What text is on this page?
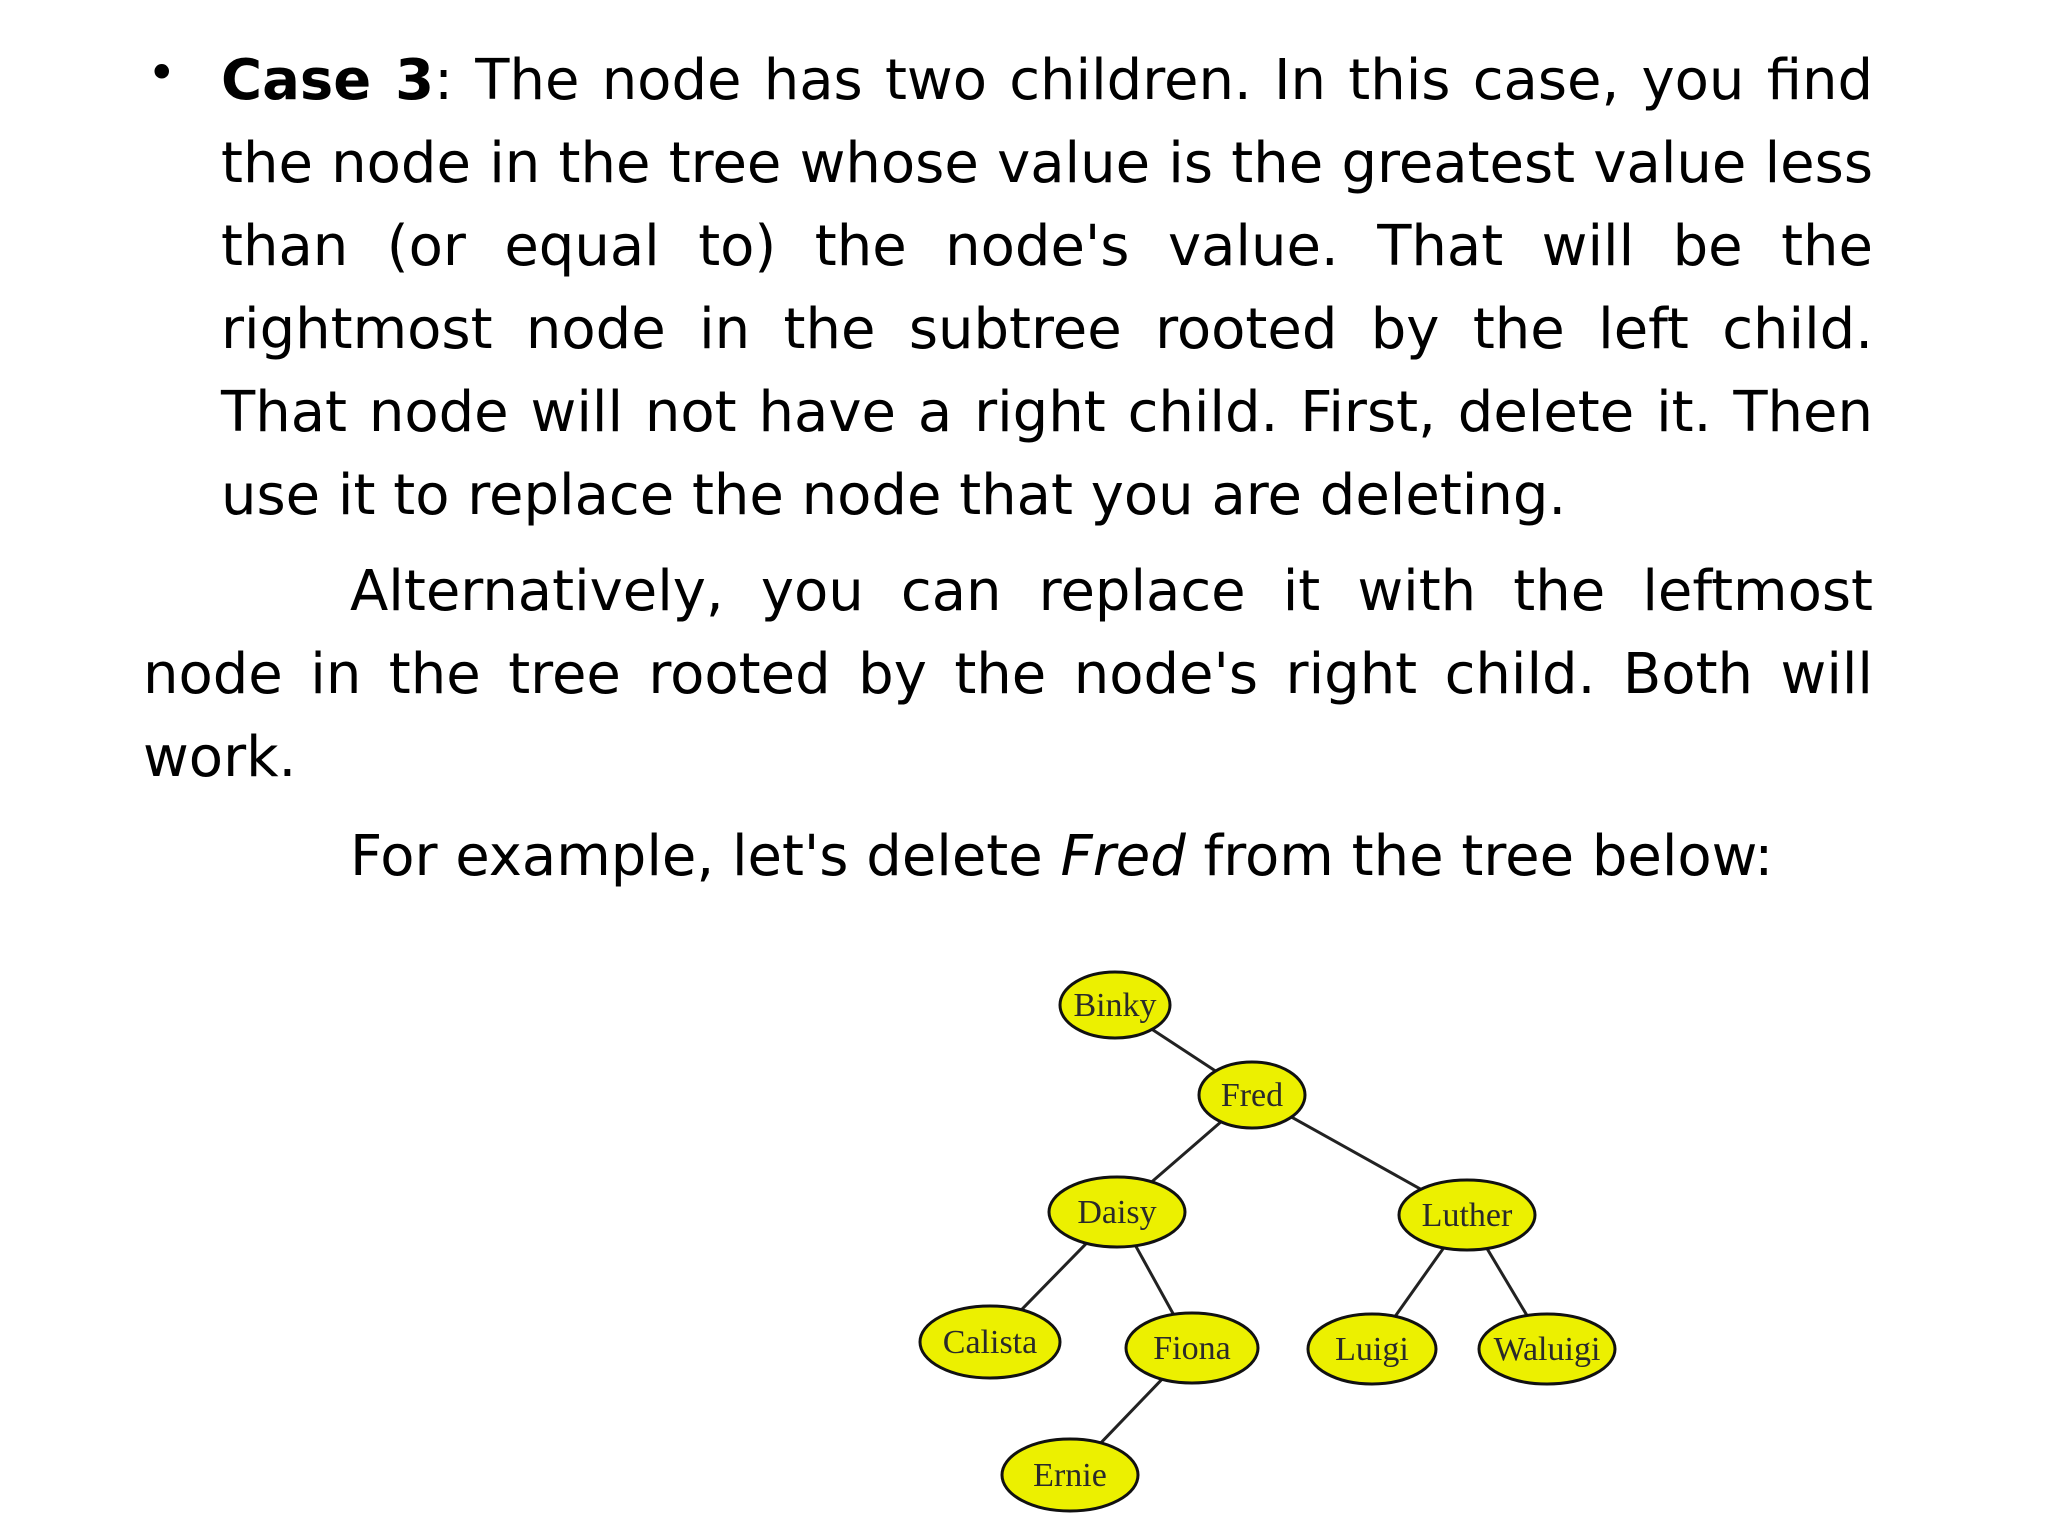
• Case 3: The node has two children. In this case, you find the node in the tree whose value is the greatest value less than (or equal to) the node's value. That will be the rightmost node in the subtree rooted by the left child. That node will not have a right child. First, delete it. Then use it to replace the node that you are deleting.
Alternatively, you can replace it with the leftmost node in the tree rooted by the node's right child. Both will work.
For example, let's delete Fred from the tree below:
Binky
Fred
Daisy	Luther
Calista	Fiona	Luigi Waluigi
Ernie
